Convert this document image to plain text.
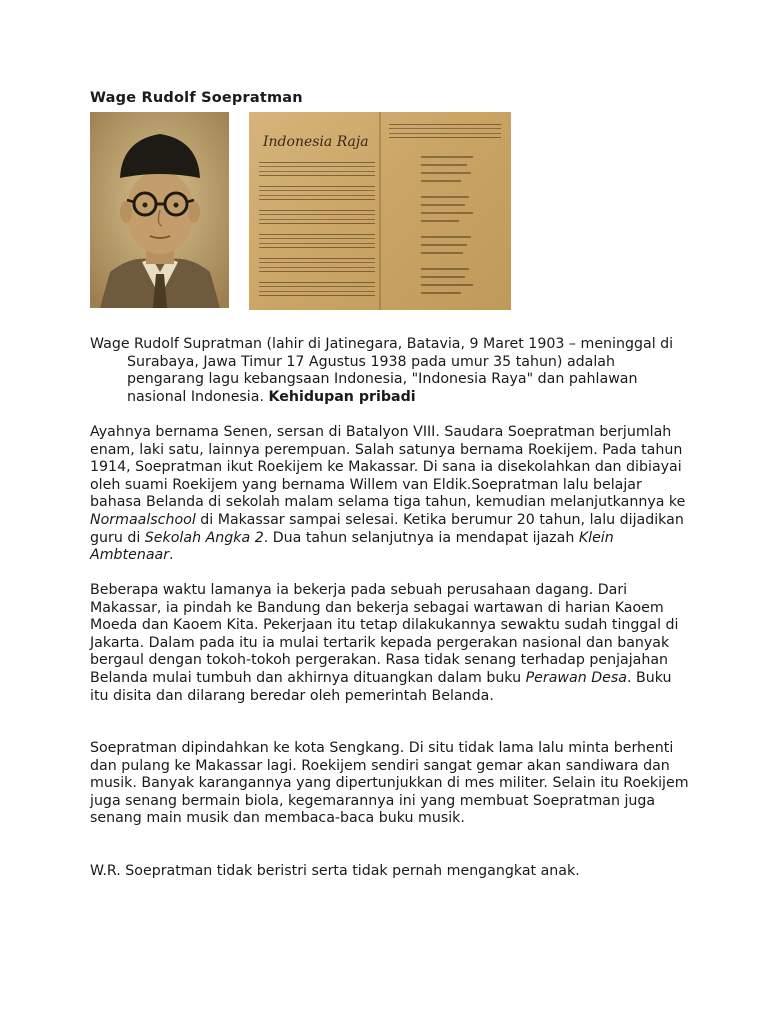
Wage Rudolf Soepratman
Indonesia Raja

Wage Rudolf Supratman (lahir di Jatinegara, Batavia, 9 Maret 1903 – meninggal di Surabaya, Jawa Timur 17 Agustus 1938 pada umur 35 tahun) adalah pengarang lagu kebangsaan Indonesia, "Indonesia Raya" dan pahlawan nasional Indonesia. Kehidupan pribadi

Ayahnya bernama Senen, sersan di Batalyon VIII. Saudara Soepratman berjumlah enam, laki satu, lainnya perempuan. Salah satunya bernama Roekijem. Pada tahun 1914, Soepratman ikut Roekijem ke Makassar. Di sana ia disekolahkan dan dibiayai oleh suami Roekijem yang bernama Willem van Eldik.Soepratman lalu belajar bahasa Belanda di sekolah malam selama tiga tahun, kemudian melanjutkannya ke Normaalschool di Makassar sampai selesai. Ketika berumur 20 tahun, lalu dijadikan guru di Sekolah Angka 2. Dua tahun selanjutnya ia mendapat ijazah Klein Ambtenaar.

Beberapa waktu lamanya ia bekerja pada sebuah perusahaan dagang. Dari Makassar, ia pindah ke Bandung dan bekerja sebagai wartawan di harian Kaoem Moeda dan Kaoem Kita. Pekerjaan itu tetap dilakukannya sewaktu sudah tinggal di Jakarta. Dalam pada itu ia mulai tertarik kepada pergerakan nasional dan banyak bergaul dengan tokoh-tokoh pergerakan. Rasa tidak senang terhadap penjajahan Belanda mulai tumbuh dan akhirnya dituangkan dalam buku Perawan Desa. Buku itu disita dan dilarang beredar oleh pemerintah Belanda.

Soepratman dipindahkan ke kota Sengkang. Di situ tidak lama lalu minta berhenti dan pulang ke Makassar lagi. Roekijem sendiri sangat gemar akan sandiwara dan musik. Banyak karangannya yang dipertunjukkan di mes militer. Selain itu Roekijem juga senang bermain biola, kegemarannya ini yang membuat Soepratman juga senang main musik dan membaca-baca buku musik.

W.R. Soepratman tidak beristri serta tidak pernah mengangkat anak.
